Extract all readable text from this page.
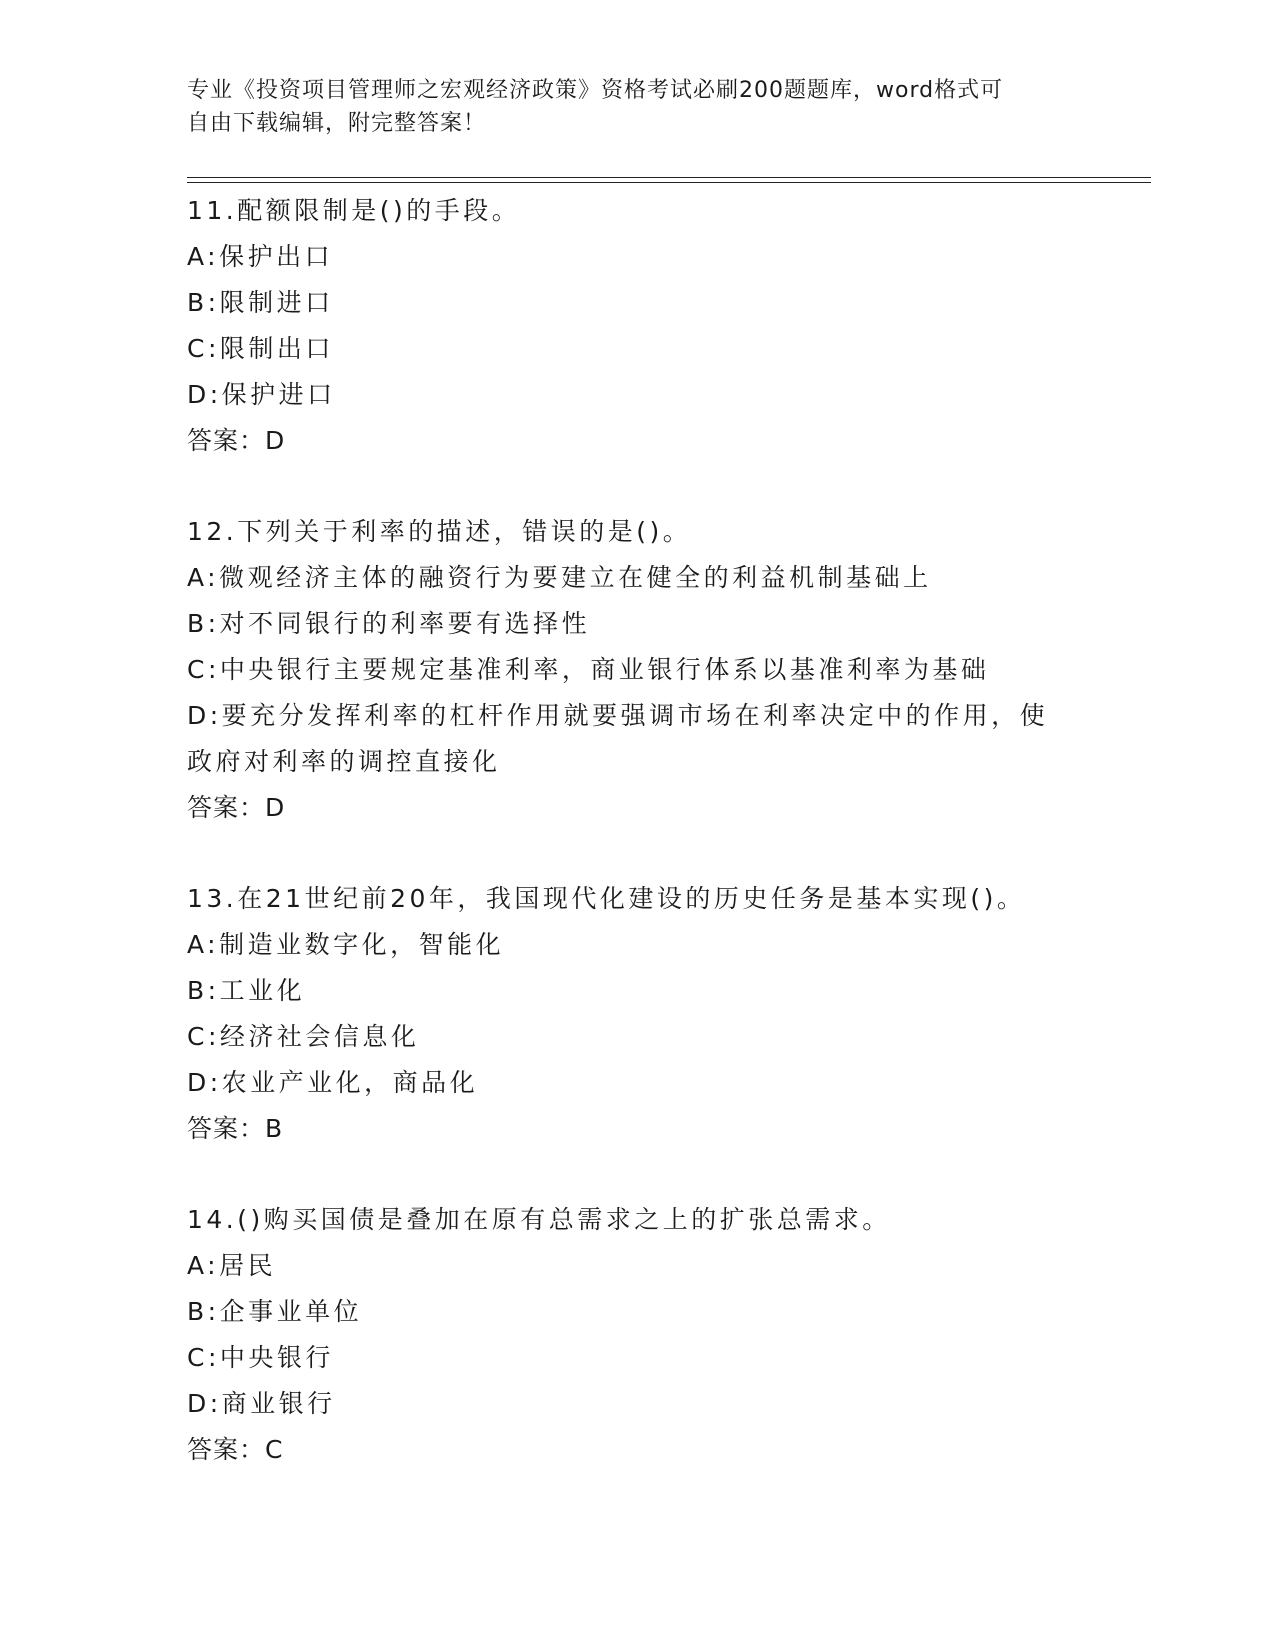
专业《投资项目管理师之宏观经济政策》资格考试必刷200题题库，word格式可
自由下载编辑，附完整答案！
11.配额限制是()的手段。
A:保护出口
B:限制进口
C:限制出口
D:保护进口
答案：D
12.下列关于利率的描述，错误的是()。
A:微观经济主体的融资行为要建立在健全的利益机制基础上
B:对不同银行的利率要有选择性
C:中央银行主要规定基准利率，商业银行体系以基准利率为基础
D:要充分发挥利率的杠杆作用就要强调市场在利率决定中的作用，使
政府对利率的调控直接化
答案：D
13.在21世纪前20年，我国现代化建设的历史任务是基本实现()。
A:制造业数字化，智能化
B:工业化
C:经济社会信息化
D:农业产业化，商品化
答案：B
14.()购买国债是叠加在原有总需求之上的扩张总需求。
A:居民
B:企事业单位
C:中央银行
D:商业银行
答案：C
